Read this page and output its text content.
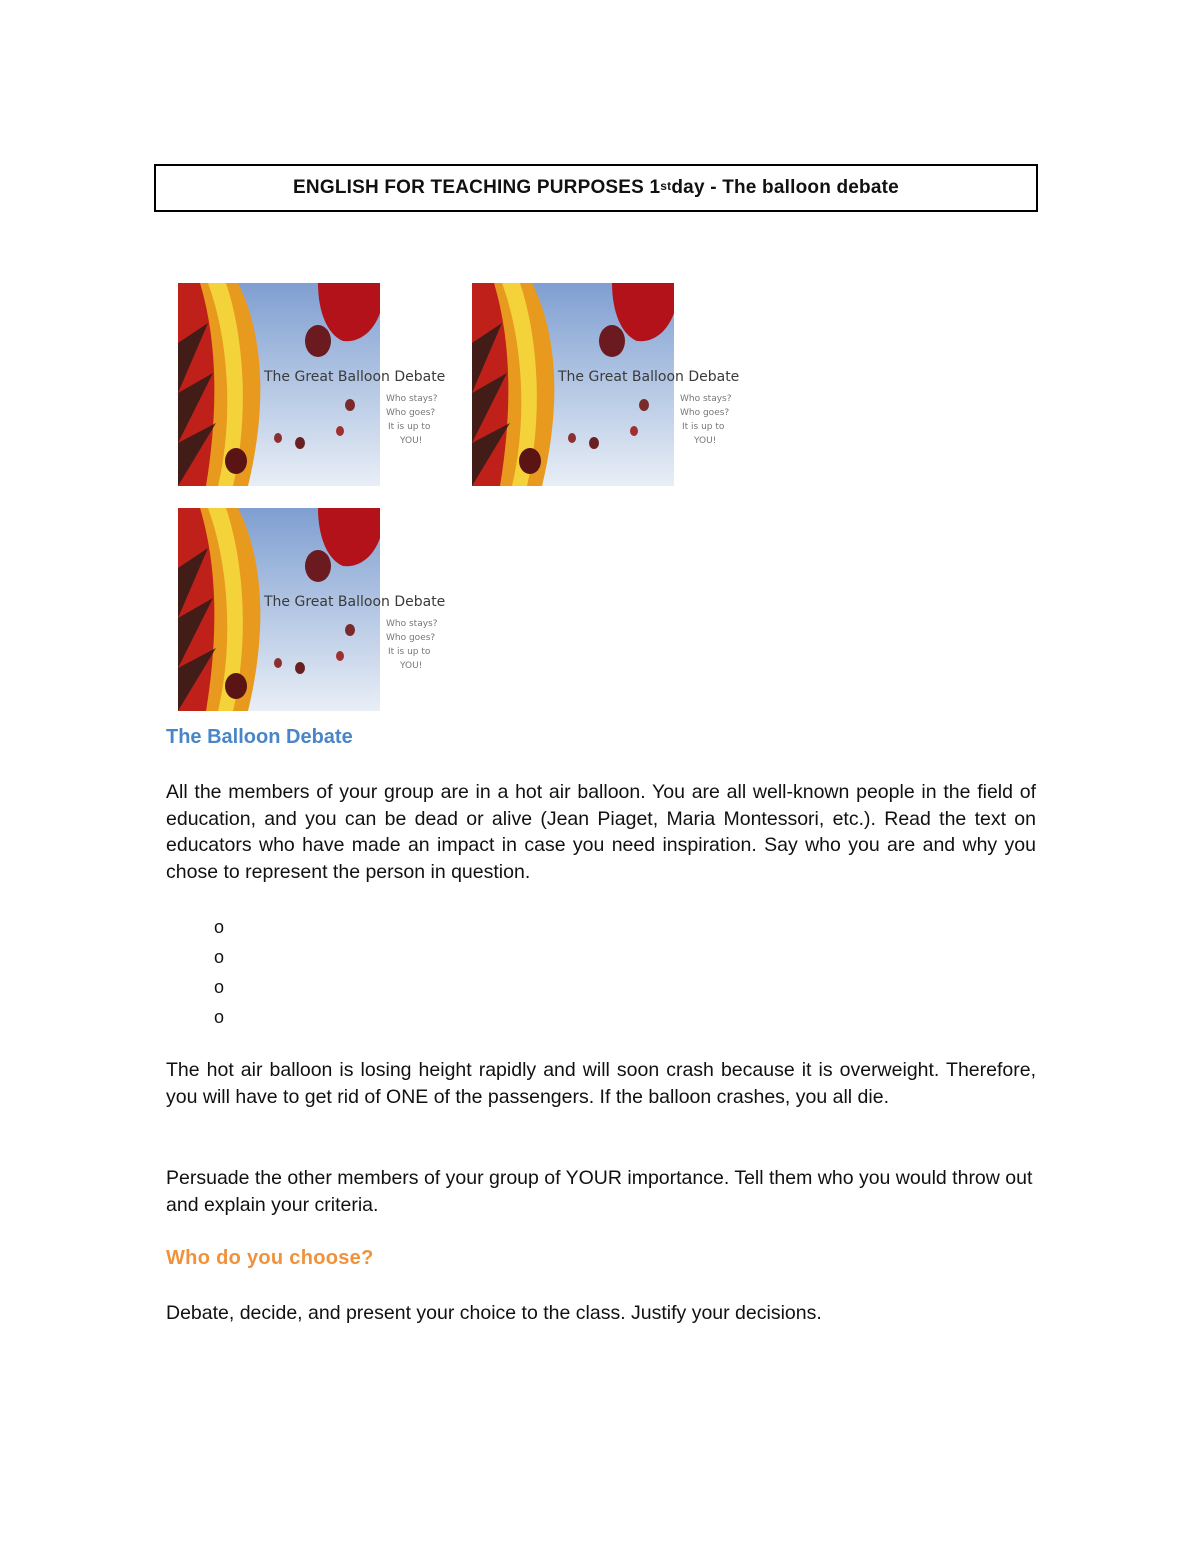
ENGLISH FOR TEACHING PURPOSES 1st day - The balloon debate
The Great Balloon Debate
Who stays?
Who goes?
It is up to
YOU!
The Great Balloon Debate
Who stays?
Who goes?
It is up to
YOU!
The Great Balloon Debate
Who stays?
Who goes?
It is up to
YOU!
The Balloon Debate
All the members of your group are in a hot air balloon. You are all well-known people in the field of education, and you can be dead or alive (Jean Piaget, Maria Montessori, etc.). Read the text on educators who have made an impact in case you need inspiration. Say who you are and why you chose to represent the person in question.
o
o
o
o
The hot air balloon is losing height rapidly and will soon crash because it is overweight. Therefore, you will have to get rid of ONE of the passengers. If the balloon crashes, you all die.
Persuade the other members of your group of YOUR importance. Tell them who you would throw out and explain your criteria.
Who do you choose?
Debate, decide, and present your choice to the class. Justify your decisions.
